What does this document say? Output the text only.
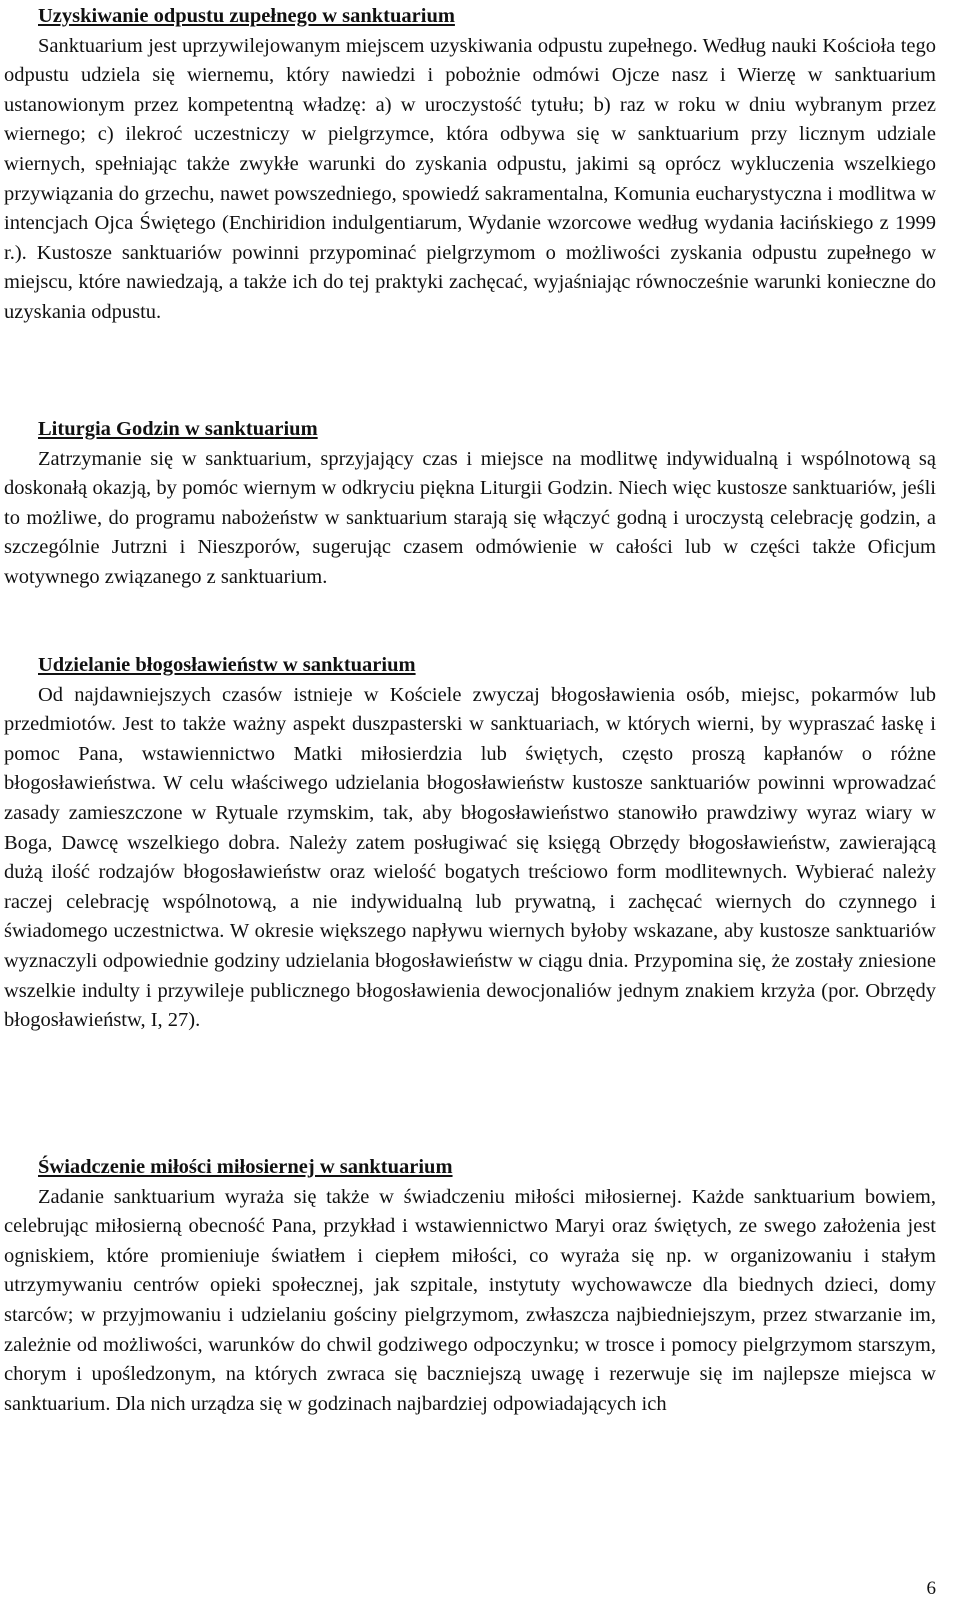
Uzyskiwanie odpustu zupełnego w sanktuarium
Sanktuarium jest uprzywilejowanym miejscem uzyskiwania odpustu zupełnego. Według nauki Kościoła tego odpustu udziela się wiernemu, który nawiedzi i pobożnie odmówi Ojcze nasz i Wierzę w sanktuarium ustanowionym przez kompetentną władzę: a) w uroczystość tytułu; b) raz w roku w dniu wybranym przez wiernego; c) ilekroć uczestniczy w pielgrzymce, która odbywa się w sanktuarium przy licznym udziale wiernych, spełniając także zwykłe warunki do zyskania odpustu, jakimi są oprócz wykluczenia wszelkiego przywiązania do grzechu, nawet powszedniego, spowiedź sakramentalna, Komunia eucharystyczna i modlitwa w intencjach Ojca Świętego (Enchiridion indulgentiarum, Wydanie wzorcowe według wydania łacińskiego z 1999 r.). Kustosze sanktuariów powinni przypominać pielgrzymom o możliwości zyskania odpustu zupełnego w miejscu, które nawiedzają, a także ich do tej praktyki zachęcać, wyjaśniając równocześnie warunki konieczne do uzyskania odpustu.
Liturgia Godzin w sanktuarium
Zatrzymanie się w sanktuarium, sprzyjający czas i miejsce na modlitwę indywidualną i wspólnotową są doskonałą okazją, by pomóc wiernym w odkryciu piękna Liturgii Godzin. Niech więc kustosze sanktuariów, jeśli to możliwe, do programu nabożeństw w sanktuarium starają się włączyć godną i uroczystą celebrację godzin, a szczególnie Jutrzni i Nieszporów, sugerując czasem odmówienie w całości lub w części także Oficjum wotywnego związanego z sanktuarium.
Udzielanie błogosławieństw w sanktuarium
Od najdawniejszych czasów istnieje w Kościele zwyczaj błogosławienia osób, miejsc, pokarmów lub przedmiotów. Jest to także ważny aspekt duszpasterski w sanktuariach, w których wierni, by wypraszać łaskę i pomoc Pana, wstawiennictwo Matki miłosierdzia lub świętych, często proszą kapłanów o różne błogosławieństwa. W celu właściwego udzielania błogosławieństw kustosze sanktuariów powinni wprowadzać zasady zamieszczone w Rytuale rzymskim, tak, aby błogosławieństwo stanowiło prawdziwy wyraz wiary w Boga, Dawcę wszelkiego dobra. Należy zatem posługiwać się księgą Obrzędy błogosławieństw, zawierającą dużą ilość rodzajów błogosławieństw oraz wielość bogatych treściowo form modlitewnych. Wybierać należy raczej celebrację wspólnotową, a nie indywidualną lub prywatną, i zachęcać wiernych do czynnego i świadomego uczestnictwa. W okresie większego napływu wiernych byłoby wskazane, aby kustosze sanktuariów wyznaczyli odpowiednie godziny udzielania błogosławieństw w ciągu dnia. Przypomina się, że zostały zniesione wszelkie indulty i przywileje publicznego błogosławienia dewocjonaliów jednym znakiem krzyża (por. Obrzędy błogosławieństw, I, 27).
Świadczenie miłości miłosiernej w sanktuarium
Zadanie sanktuarium wyraża się także w świadczeniu miłości miłosiernej. Każde sanktuarium bowiem, celebrując miłosierną obecność Pana, przykład i wstawiennictwo Maryi oraz świętych, ze swego założenia jest ogniskiem, które promieniuje światłem i ciepłem miłości, co wyraża się np. w organizowaniu i stałym utrzymywaniu centrów opieki społecznej, jak szpitale, instytuty wychowawcze dla biednych dzieci, domy starców; w przyjmowaniu i udzielaniu gościny pielgrzymom, zwłaszcza najbiedniejszym, przez stwarzanie im, zależnie od możliwości, warunków do chwil godziwego odpoczynku; w trosce i pomocy pielgrzymom starszym, chorym i upośledzonym, na których zwraca się baczniejszą uwagę i rezerwuje się im najlepsze miejsca w sanktuarium. Dla nich urządza się w godzinach najbardziej odpowiadających ich
6
